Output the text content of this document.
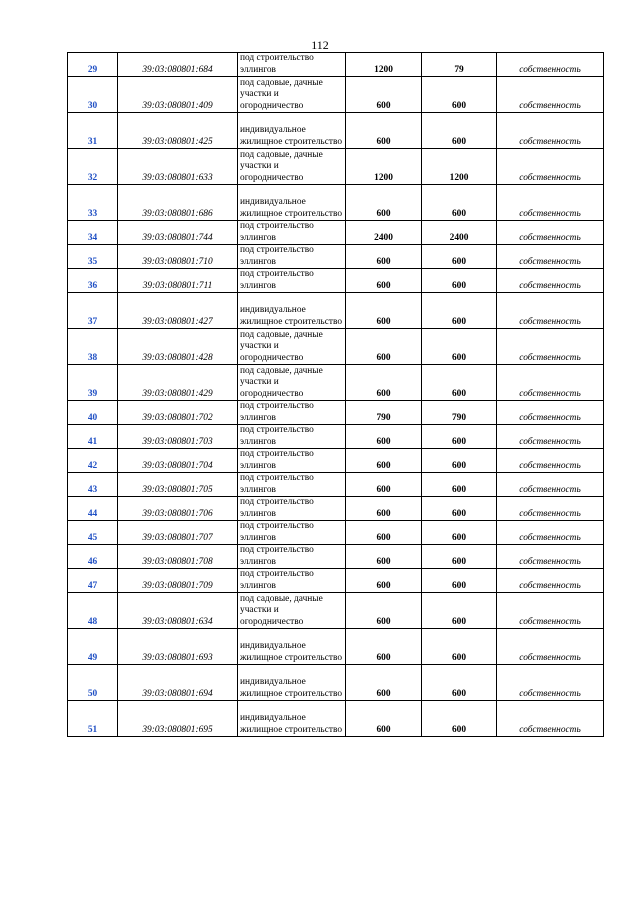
112
29	39:03:080801:684	под строительство эллингов	1200	79	собственность
30	39:03:080801:409	под садовые, дачные участки и огородничество	600	600	собственность
31	39:03:080801:425	индивидуальное жилищное строительство	600	600	собственность
32	39:03:080801:633	под садовые, дачные участки и огородничество	1200	1200	собственность
33	39:03:080801:686	индивидуальное жилищное строительство	600	600	собственность
34	39:03:080801:744	под строительство эллингов	2400	2400	собственность
35	39:03:080801:710	под строительство эллингов	600	600	собственность
36	39:03:080801:711	под строительство эллингов	600	600	собственность
37	39:03:080801:427	индивидуальное жилищное строительство	600	600	собственность
38	39:03:080801:428	под садовые, дачные участки и огородничество	600	600	собственность
39	39:03:080801:429	под садовые, дачные участки и огородничество	600	600	собственность
40	39:03:080801:702	под строительство эллингов	790	790	собственность
41	39:03:080801:703	под строительство эллингов	600	600	собственность
42	39:03:080801:704	под строительство эллингов	600	600	собственность
43	39:03:080801:705	под строительство эллингов	600	600	собственность
44	39:03:080801:706	под строительство эллингов	600	600	собственность
45	39:03:080801:707	под строительство эллингов	600	600	собственность
46	39:03:080801:708	под строительство эллингов	600	600	собственность
47	39:03:080801:709	под строительство эллингов	600	600	собственность
48	39:03:080801:634	под садовые, дачные участки и огородничество	600	600	собственность
49	39:03:080801:693	индивидуальное жилищное строительство	600	600	собственность
50	39:03:080801:694	индивидуальное жилищное строительство	600	600	собственность
51	39:03:080801:695	индивидуальное жилищное строительство	600	600	собственность
